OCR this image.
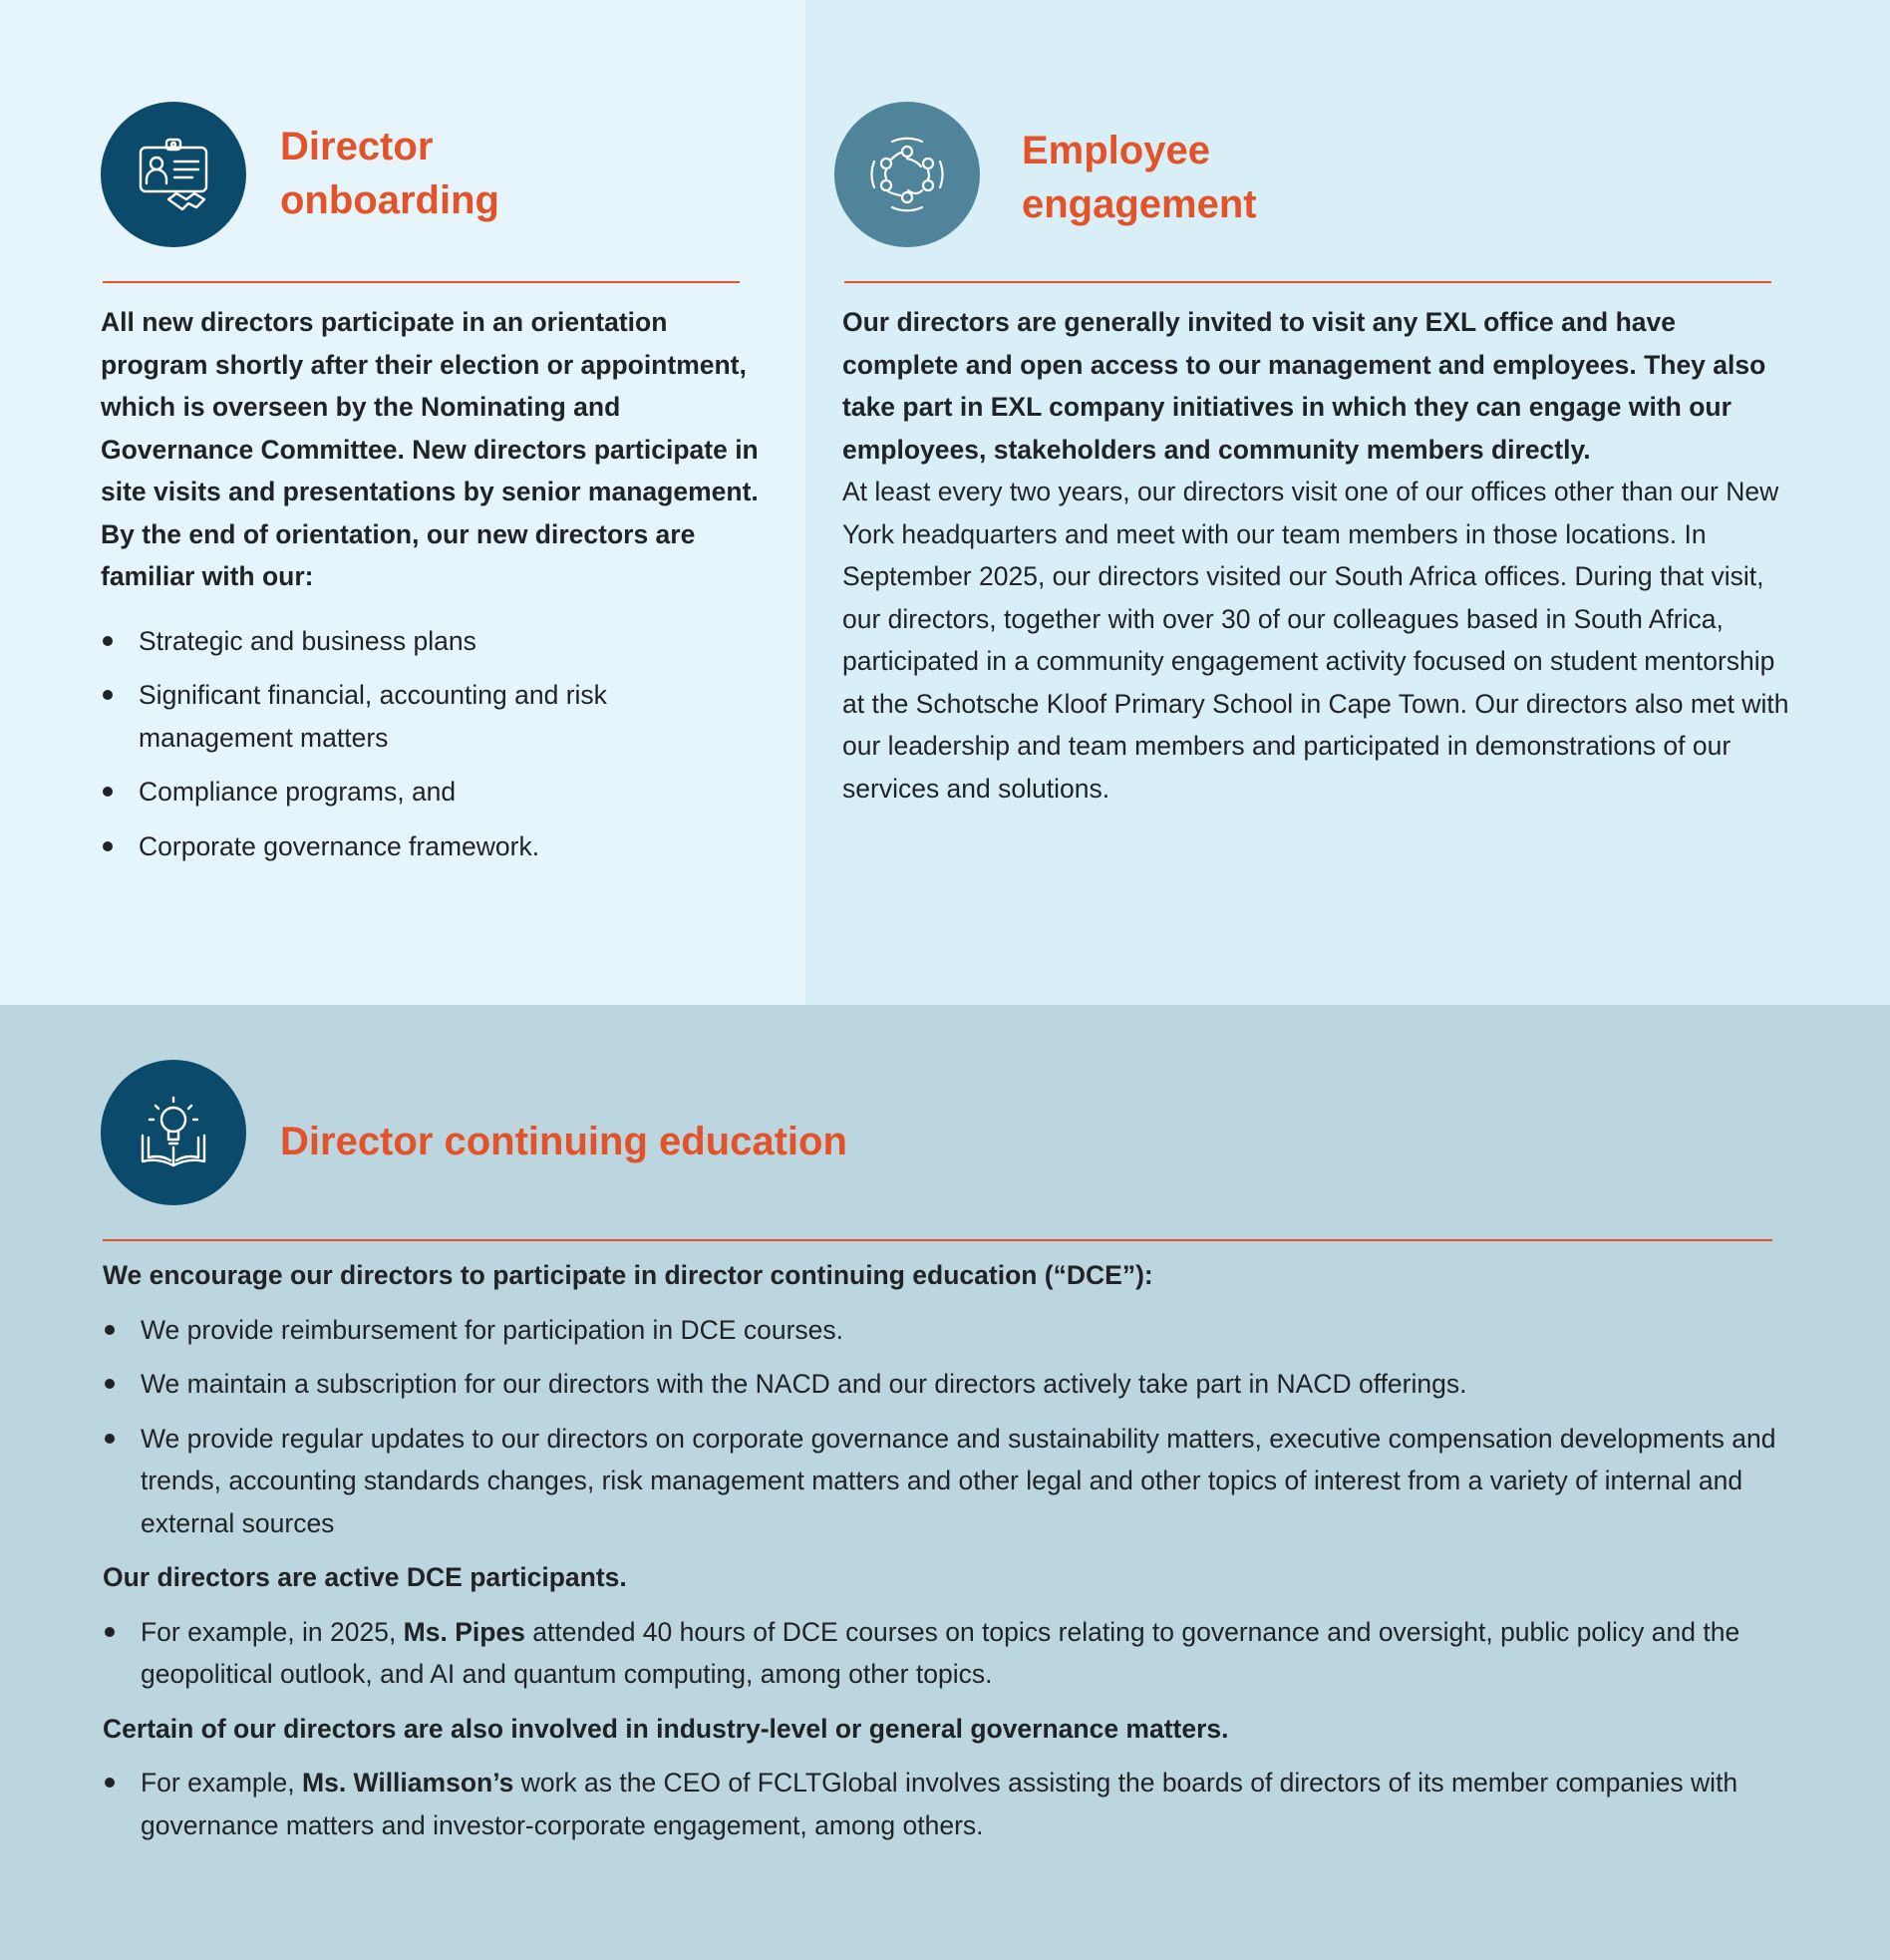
Director
onboarding

All new directors participate in an orientation program shortly after their election or appointment, which is overseen by the Nominating and Governance Committee. New directors participate in site visits and presentations by senior management. By the end of orientation, our new directors are familiar with our:

Strategic and business plans
Significant financial, accounting and risk management matters
Compliance programs, and
Corporate governance framework.
Employee
engagement

Our directors are generally invited to visit any EXL office and have complete and open access to our management and employees. They also take part in EXL company initiatives in which they can engage with our employees, stakeholders and community members directly.

At least every two years, our directors visit one of our offices other than our New York headquarters and meet with our team members in those locations. In September 2025, our directors visited our South Africa offices. During that visit, our directors, together with over 30 of our colleagues based in South Africa, participated in a community engagement activity focused on student mentorship at the Schotsche Kloof Primary School in Cape Town. Our directors also met with our leadership and team members and participated in demonstrations of our services and solutions.

Director continuing education

We encourage our directors to participate in director continuing education (“DCE”):

We provide reimbursement for participation in DCE courses.
We maintain a subscription for our directors with the NACD and our directors actively take part in NACD offerings.
We provide regular updates to our directors on corporate governance and sustainability matters, executive compensation developments and trends, accounting standards changes, risk management matters and other legal and other topics of interest from a variety of internal and external sources

Our directors are active DCE participants.

For example, in 2025, Ms. Pipes attended 40 hours of DCE courses on topics relating to governance and oversight, public policy and the geopolitical outlook, and AI and quantum computing, among other topics.

Certain of our directors are also involved in industry-level or general governance matters.

For example, Ms. Williamson’s work as the CEO of FCLTGlobal involves assisting the boards of directors of its member companies with governance matters and investor-corporate engagement, among others.
